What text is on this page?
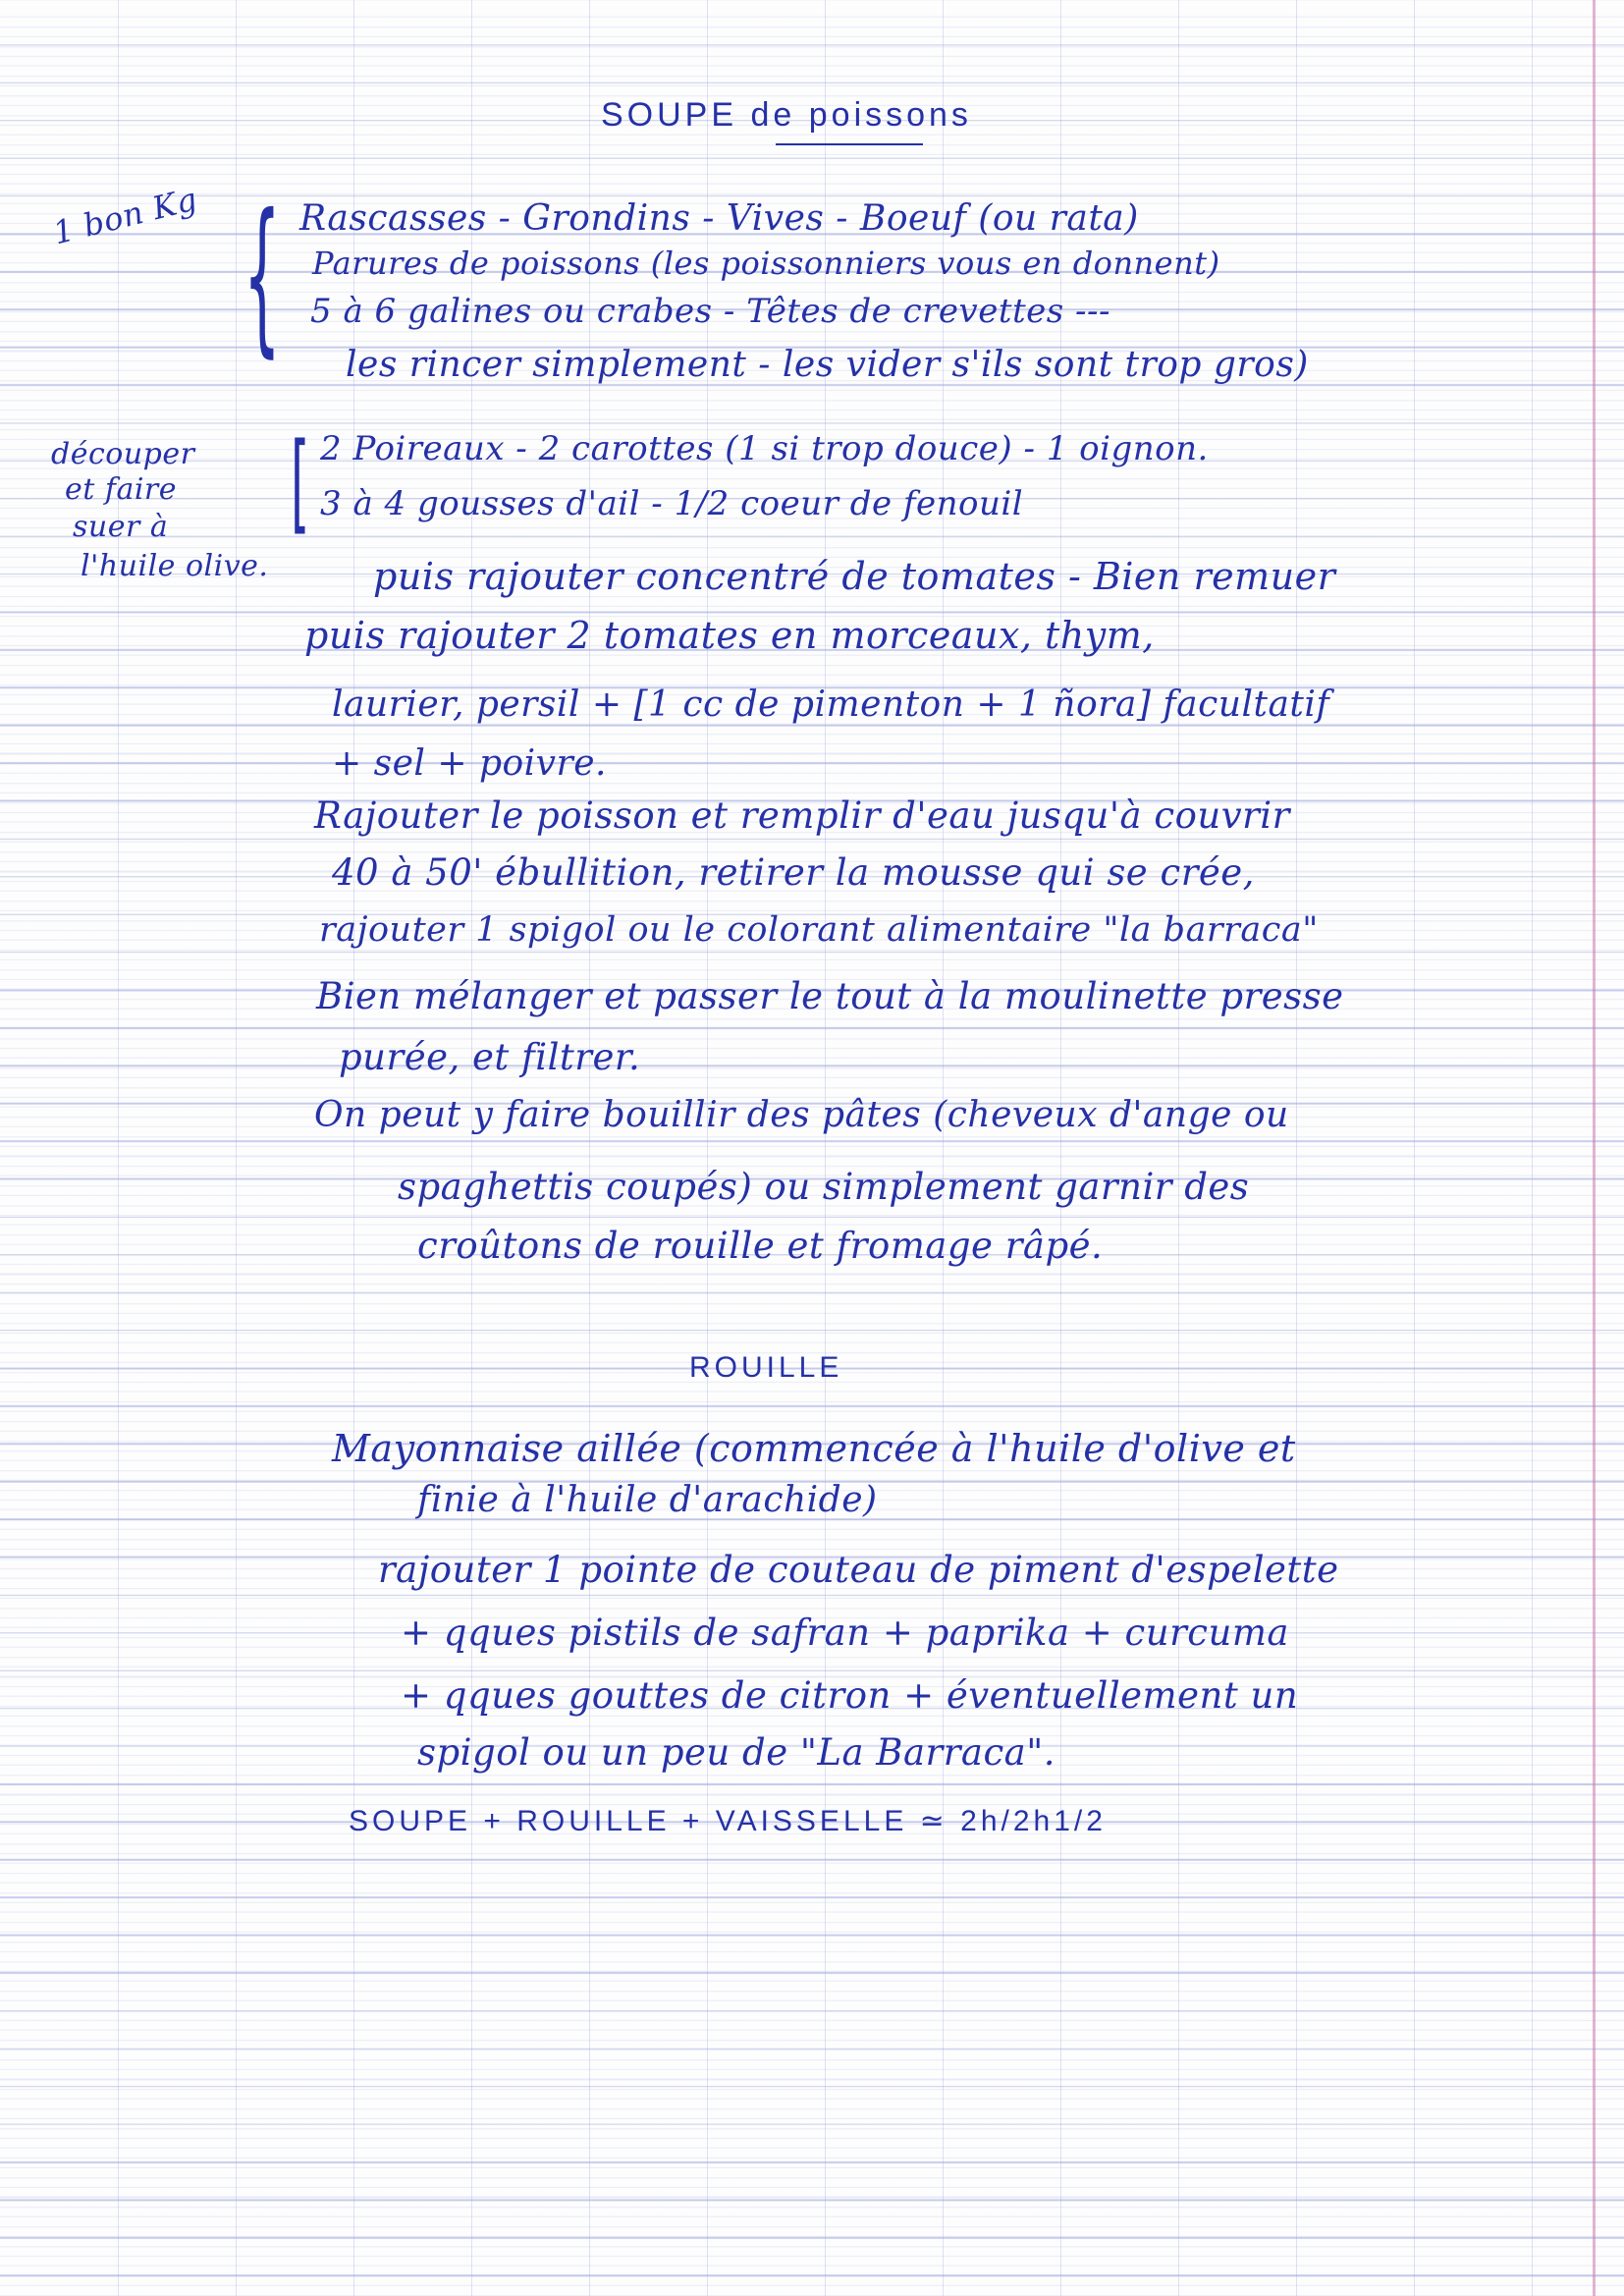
SOUPE de poissons
1 bon Kg { Rascasses - Grondins - Vives - Boeuf (ou rata)
Parures de poissons (les poissonniers vous en donnent)
5 à 6 galines ou crabes - Têtes de crevettes ---
les rincer simplement - les vider s'ils sont trop gros)
découper
et faire
suer à
l'huile olive.
[ 2 Poireaux - 2 carottes (1 si trop douce) - 1 oignon.
3 à 4 gousses d'ail - 1/2 coeur de fenouil
puis rajouter concentré de tomates - Bien remuer
puis rajouter 2 tomates en morceaux, thym,
laurier, persil + [1 cc de pimenton + 1 ñora] facultatif
+ sel + poivre.
Rajouter le poisson et remplir d'eau jusqu'à couvrir
40 à 50' ébullition, retirer la mousse qui se crée,
rajouter 1 spigol ou le colorant alimentaire "la barraca"
Bien mélanger et passer le tout à la moulinette presse
purée, et filtrer.
On peut y faire bouillir des pâtes (cheveux d'ange ou
spaghettis coupés) ou simplement garnir des
croûtons de rouille et fromage râpé.
ROUILLE
Mayonnaise aillée (commencée à l'huile d'olive et
finie à l'huile d'arachide)
rajouter 1 pointe de couteau de piment d'espelette
+ qques pistils de safran + paprika + curcuma
+ qques gouttes de citron + éventuellement un
spigol ou un peu de "La Barraca".
SOUPE + ROUILLE + VAISSELLE ≃ 2h/2h1/2
